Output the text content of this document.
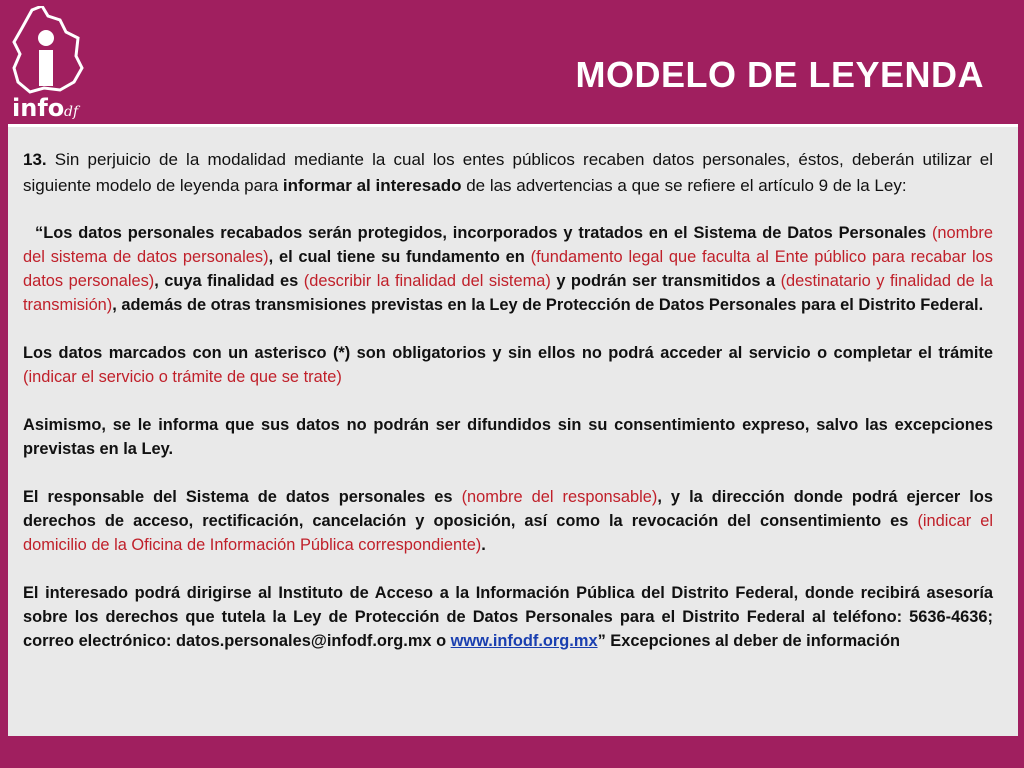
info df
MODELO DE LEYENDA

13. Sin perjuicio de la modalidad mediante la cual los entes públicos recaben datos personales, éstos, deberán utilizar el siguiente modelo de leyenda para informar al interesado de las advertencias a que se refiere el artículo 9 de la Ley:

“Los datos personales recabados serán protegidos, incorporados y tratados en el Sistema de Datos Personales (nombre del sistema de datos personales), el cual tiene su fundamento en (fundamento legal que faculta al Ente público para recabar los datos personales), cuya finalidad es (describir la finalidad del sistema) y podrán ser transmitidos a (destinatario y finalidad de la transmisión), además de otras transmisiones previstas en la Ley de Protección de Datos Personales para el Distrito Federal.

Los datos marcados con un asterisco (*) son obligatorios y sin ellos no podrá acceder al servicio o completar el trámite (indicar el servicio o trámite de que se trate)

Asimismo, se le informa que sus datos no podrán ser difundidos sin su consentimiento expreso, salvo las excepciones previstas en la Ley.

El responsable del Sistema de datos personales es (nombre del responsable), y la dirección donde podrá ejercer los derechos de acceso, rectificación, cancelación y oposición, así como la revocación del consentimiento es (indicar el domicilio de la Oficina de Información Pública correspondiente).

El interesado podrá dirigirse al Instituto de Acceso a la Información Pública del Distrito Federal, donde recibirá asesoría sobre los derechos que tutela la Ley de Protección de Datos Personales para el Distrito Federal al teléfono: 5636-4636; correo electrónico: datos.personales@infodf.org.mx o www.infodf.org.mx” Excepciones al deber de información
